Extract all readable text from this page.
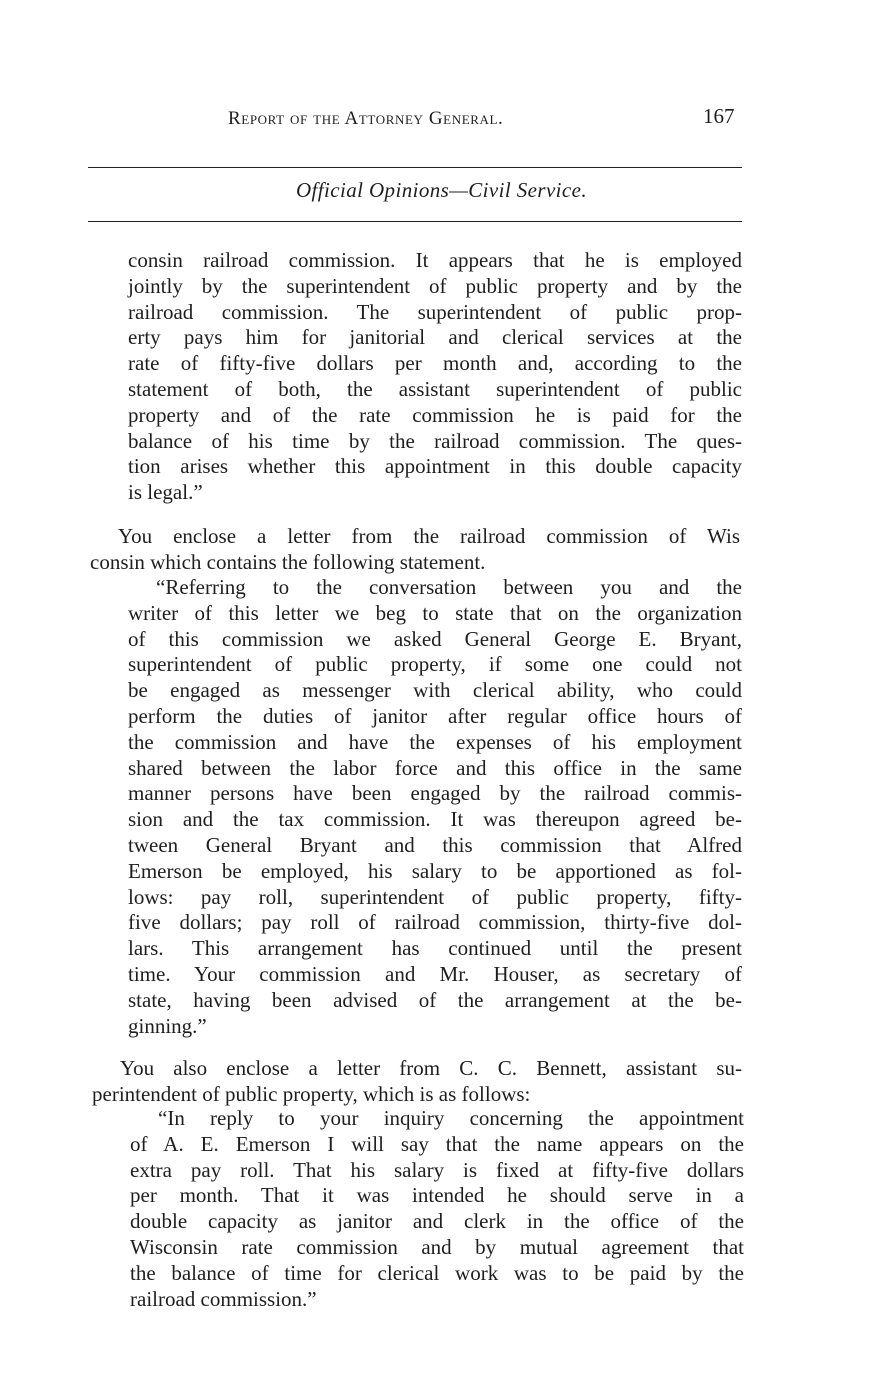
Report of the Attorney General.	167
Official Opinions—Civil Service.
consin railroad commission. It appears that he is employed
jointly by the superintendent of public property and by the
railroad commission. The superintendent of public prop-
erty pays him for janitorial and clerical services at the
rate of fifty-five dollars per month and, according to the
statement of both, the assistant superintendent of public
property and of the rate commission he is paid for the
balance of his time by the railroad commission. The ques-
tion arises whether this appointment in this double capacity
is legal.”
You enclose a letter from the railroad commission of Wis
consin which contains the following statement.
“Referring to the conversation between you and the
writer of this letter we beg to state that on the organization
of this commission we asked General George E. Bryant,
superintendent of public property, if some one could not
be engaged as messenger with clerical ability, who could
perform the duties of janitor after regular office hours of
the commission and have the expenses of his employment
shared between the labor force and this office in the same
manner persons have been engaged by the railroad commis-
sion and the tax commission. It was thereupon agreed be-
tween General Bryant and this commission that Alfred
Emerson be employed, his salary to be apportioned as fol-
lows: pay roll, superintendent of public property, fifty-
five dollars; pay roll of railroad commission, thirty-five dol-
lars. This arrangement has continued until the present
time. Your commission and Mr. Houser, as secretary of
state, having been advised of the arrangement at the be-
ginning.”
You also enclose a letter from C. C. Bennett, assistant su-
perintendent of public property, which is as follows:
“In reply to your inquiry concerning the appointment
of A. E. Emerson I will say that the name appears on the
extra pay roll. That his salary is fixed at fifty-five dollars
per month. That it was intended he should serve in a
double capacity as janitor and clerk in the office of the
Wisconsin rate commission and by mutual agreement that
the balance of time for clerical work was to be paid by the
railroad commission.”
